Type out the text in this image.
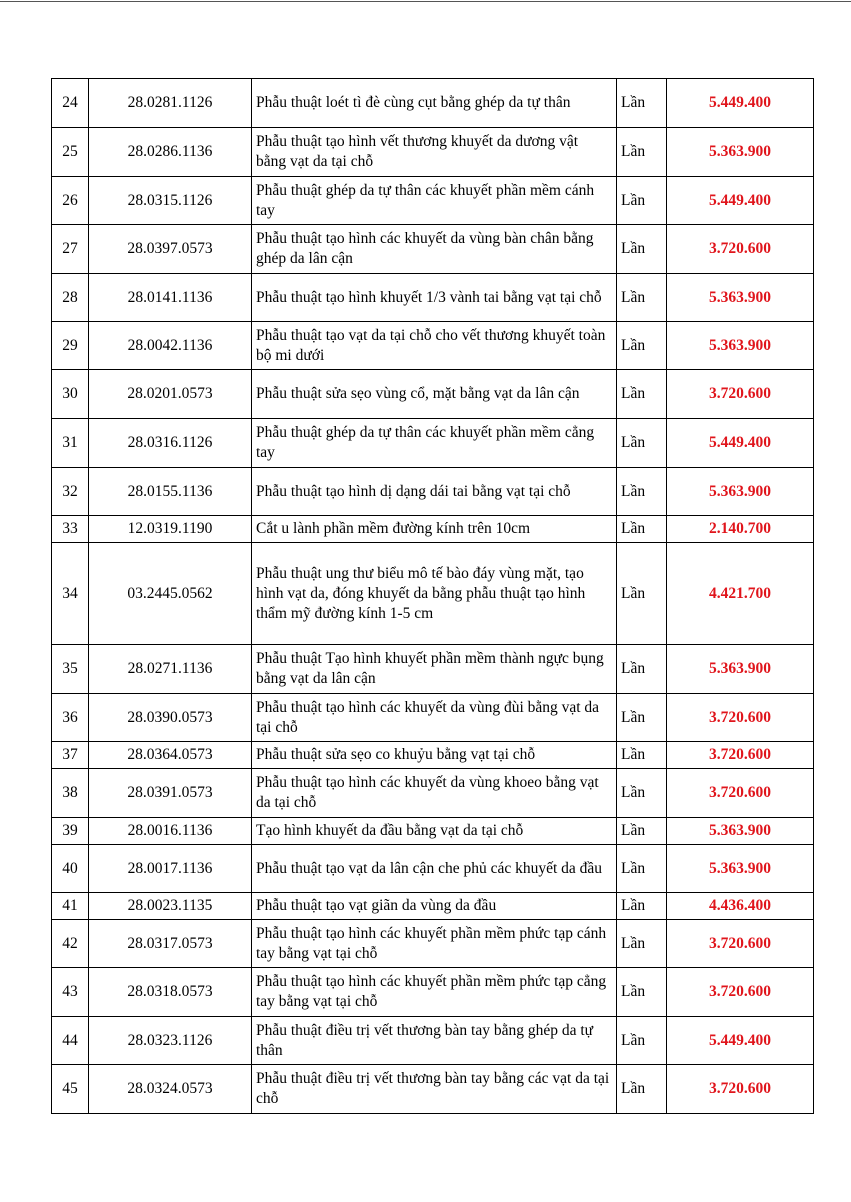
24	28.0281.1126	Phẫu thuật loét tì đè cùng cụt bằng ghép da tự thân	Lần	5.449.400
25	28.0286.1136	Phẫu thuật tạo hình vết thương khuyết da dương vật bằng vạt da tại chỗ	Lần	5.363.900
26	28.0315.1126	Phẫu thuật ghép da tự thân các khuyết phần mềm cánh tay	Lần	5.449.400
27	28.0397.0573	Phẫu thuật tạo hình các khuyết da vùng bàn chân bằng ghép da lân cận	Lần	3.720.600
28	28.0141.1136	Phẫu thuật tạo hình khuyết 1/3 vành tai bằng vạt tại chỗ	Lần	5.363.900
29	28.0042.1136	Phẫu thuật tạo vạt da tại chỗ cho vết thương khuyết toàn bộ mi dưới	Lần	5.363.900
30	28.0201.0573	Phẫu thuật sửa sẹo vùng cổ, mặt bằng vạt da lân cận	Lần	3.720.600
31	28.0316.1126	Phẫu thuật ghép da tự thân các khuyết phần mềm cẳng tay	Lần	5.449.400
32	28.0155.1136	Phẫu thuật tạo hình dị dạng dái tai bằng vạt tại chỗ	Lần	5.363.900
33	12.0319.1190	Cắt u lành phần mềm đường kính trên 10cm	Lần	2.140.700
34	03.2445.0562	Phẫu thuật ung thư biểu mô tế bào đáy vùng mặt, tạo hình vạt da, đóng khuyết da bằng phẫu thuật tạo hình thẩm mỹ đường kính 1-5 cm	Lần	4.421.700
35	28.0271.1136	Phẫu thuật Tạo hình khuyết phần mềm thành ngực bụng bằng vạt da lân cận	Lần	5.363.900
36	28.0390.0573	Phẫu thuật tạo hình các khuyết da vùng đùi bằng vạt da tại chỗ	Lần	3.720.600
37	28.0364.0573	Phẫu thuật sửa sẹo co khuỷu bằng vạt tại chỗ	Lần	3.720.600
38	28.0391.0573	Phẫu thuật tạo hình các khuyết da vùng khoeo bằng vạt da tại chỗ	Lần	3.720.600
39	28.0016.1136	Tạo hình khuyết da đầu bằng vạt da tại chỗ	Lần	5.363.900
40	28.0017.1136	Phẫu thuật tạo vạt da lân cận che phủ các khuyết da đầu	Lần	5.363.900
41	28.0023.1135	Phẫu thuật tạo vạt giãn da vùng da đầu	Lần	4.436.400
42	28.0317.0573	Phẫu thuật tạo hình các khuyết phần mềm phức tạp cánh tay bằng vạt tại chỗ	Lần	3.720.600
43	28.0318.0573	Phẫu thuật tạo hình các khuyết phần mềm phức tạp cẳng tay bằng vạt tại chỗ	Lần	3.720.600
44	28.0323.1126	Phẫu thuật điều trị vết thương bàn tay bằng ghép da tự thân	Lần	5.449.400
45	28.0324.0573	Phẫu thuật điều trị vết thương bàn tay bằng các vạt da tại chỗ	Lần	3.720.600
